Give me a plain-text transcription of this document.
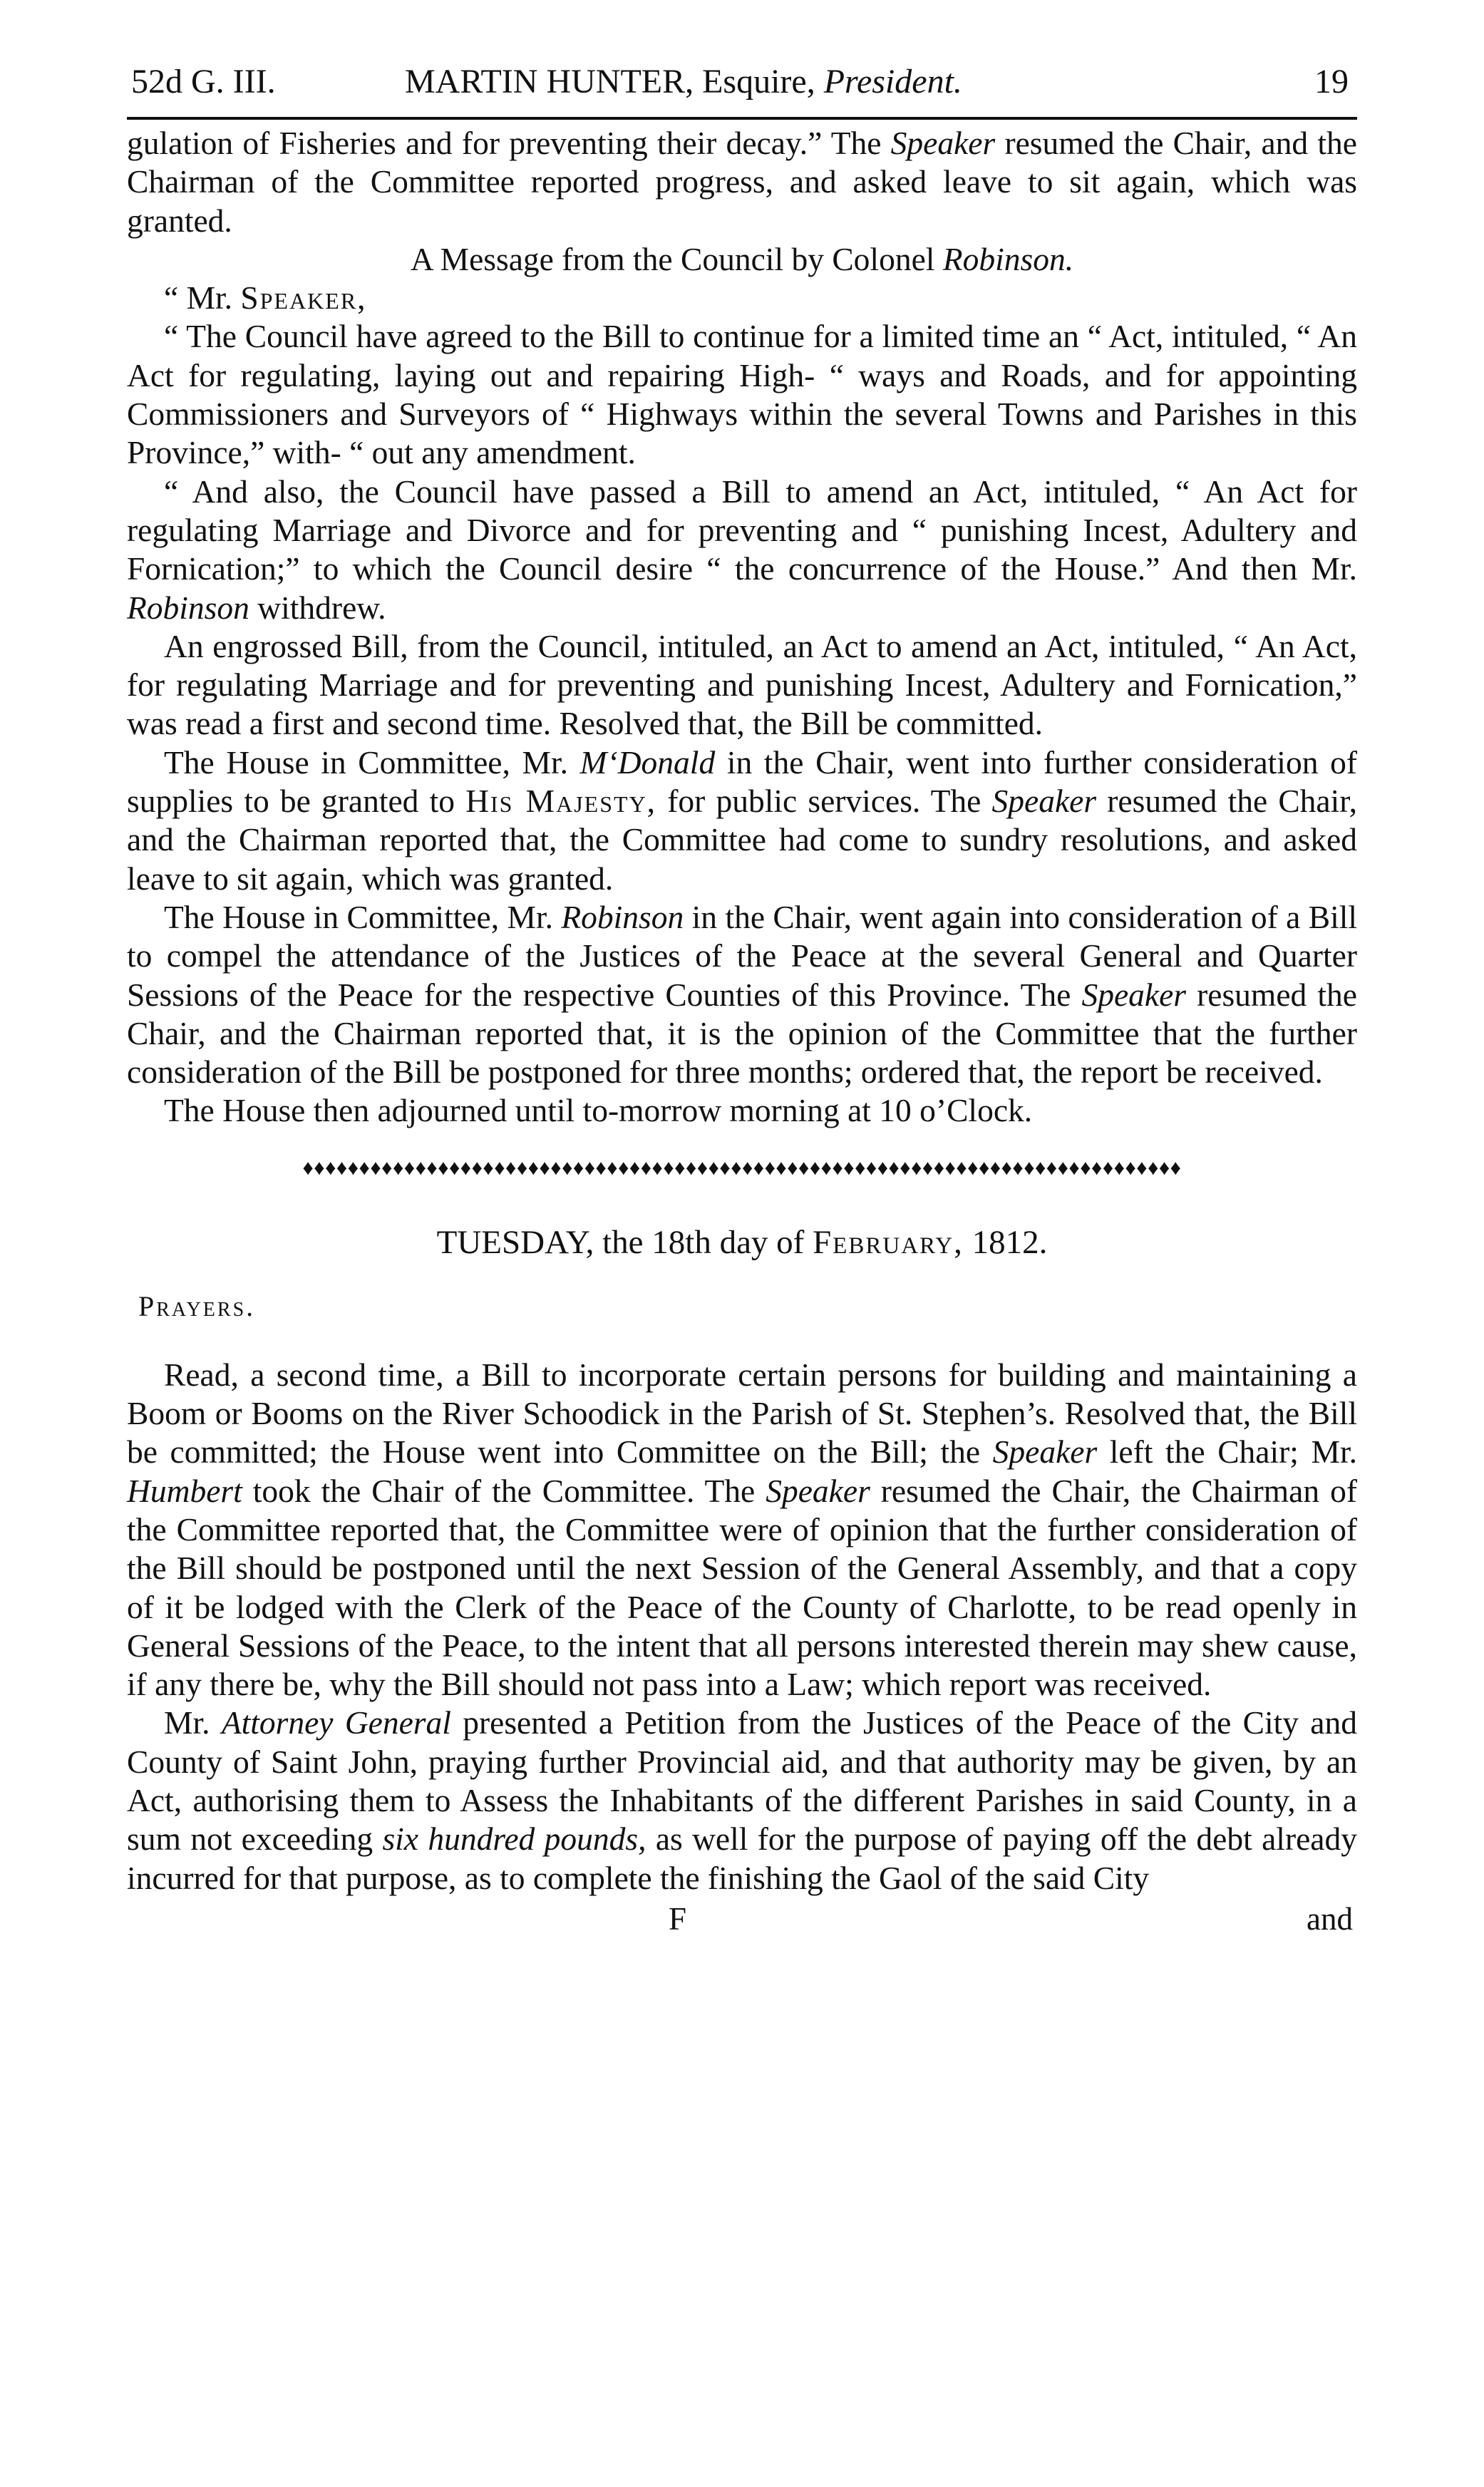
52d G. III.	MARTIN HUNTER, Esquire, President.	19

gulation of Fisheries and for preventing their decay.” The Speaker resumed the Chair, and the Chairman of the Committee reported progress, and asked leave to sit again, which was granted.

A Message from the Council by Colonel Robinson.

“ Mr. Speaker,

“ The Council have agreed to the Bill to continue for a limited time an “ Act, intituled, “ An Act for regulating, laying out and repairing High- “ ways and Roads, and for appointing Commissioners and Surveyors of “ Highways within the several Towns and Parishes in this Province,” with- “ out any amendment.

“ And also, the Council have passed a Bill to amend an Act, intituled, “ An Act for regulating Marriage and Divorce and for preventing and “ punishing Incest, Adultery and Fornication;” to which the Council desire “ the concurrence of the House.” And then Mr. Robinson withdrew.

An engrossed Bill, from the Council, intituled, an Act to amend an Act, intituled, “ An Act, for regulating Marriage and for preventing and punishing Incest, Adultery and Fornication,” was read a first and second time. Resolved that, the Bill be committed.

The House in Committee, Mr. M‘Donald in the Chair, went into further consideration of supplies to be granted to His Majesty, for public services. The Speaker resumed the Chair, and the Chairman reported that, the Committee had come to sundry resolutions, and asked leave to sit again, which was granted.

The House in Committee, Mr. Robinson in the Chair, went again into consideration of a Bill to compel the attendance of the Justices of the Peace at the several General and Quarter Sessions of the Peace for the respective Counties of this Province. The Speaker resumed the Chair, and the Chairman reported that, it is the opinion of the Committee that the further consideration of the Bill be postponed for three months; ordered that, the report be received.

The House then adjourned until to-morrow morning at 10 o’Clock.

♦♦♦♦♦♦♦♦♦♦♦♦♦♦♦♦♦♦♦♦♦♦♦♦♦♦♦♦♦♦♦♦♦♦♦♦♦♦♦♦♦♦♦♦♦♦♦♦♦♦♦♦♦♦♦♦♦♦♦♦♦♦♦♦♦♦♦♦♦♦♦♦♦♦♦♦♦♦
TUESDAY, the 18th day of February, 1812.
Prayers.

Read, a second time, a Bill to incorporate certain persons for building and maintaining a Boom or Booms on the River Schoodick in the Parish of St. Stephen’s. Resolved that, the Bill be committed; the House went into Committee on the Bill; the Speaker left the Chair; Mr. Humbert took the Chair of the Committee. The Speaker resumed the Chair, the Chairman of the Committee reported that, the Committee were of opinion that the further consideration of the Bill should be postponed until the next Session of the General Assembly, and that a copy of it be lodged with the Clerk of the Peace of the County of Charlotte, to be read openly in General Sessions of the Peace, to the intent that all persons interested therein may shew cause, if any there be, why the Bill should not pass into a Law; which report was received.

Mr. Attorney General presented a Petition from the Justices of the Peace of the City and County of Saint John, praying further Provincial aid, and that authority may be given, by an Act, authorising them to Assess the Inhabitants of the different Parishes in said County, in a sum not exceeding six hundred pounds, as well for the purpose of paying off the debt already incurred for that purpose, as to complete the finishing the Gaol of the said City

F	and
